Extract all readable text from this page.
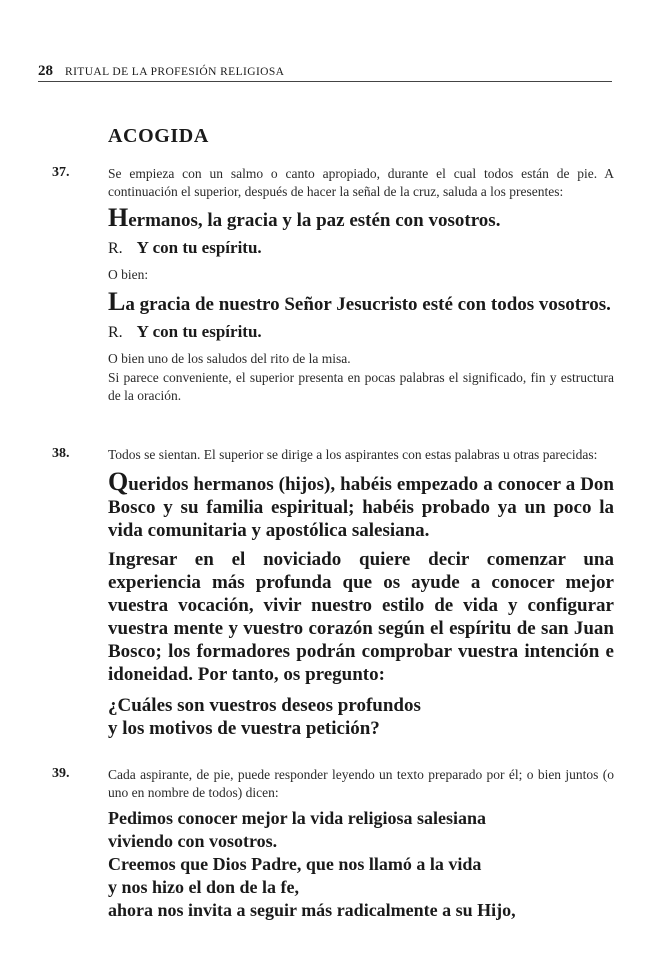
28 RITUAL DE LA PROFESIÓN RELIGIOSA
ACOGIDA
37.	Se empieza con un salmo o canto apropiado, durante el cual todos están de pie. A continuación el superior, después de hacer la señal de la cruz, saluda a los presentes:

Hermanos, la gracia y la paz estén con vosotros.
R. Y con tu espíritu.

O bien:

La gracia de nuestro Señor Jesucristo esté con todos vosotros.
R. Y con tu espíritu.

O bien uno de los saludos del rito de la misa.

Si parece conveniente, el superior presenta en pocas palabras el significado, fin y estructura de la oración.

38.	Todos se sientan. El superior se dirige a los aspirantes con estas palabras u otras parecidas:

Queridos hermanos (hijos), habéis empezado a conocer a Don Bosco y su familia espiritual; habéis probado ya un poco la vida comunitaria y apostólica salesiana.
Ingresar en el noviciado quiere decir comenzar una experiencia más profunda que os ayude a conocer mejor vuestra vocación, vivir nuestro estilo de vida y configurar vuestra mente y vuestro corazón según el espíritu de san Juan Bosco; los formadores podrán comprobar vuestra intención e idoneidad. Por tanto, os pregunto:
¿Cuáles son vuestros deseos profundos
y los motivos de vuestra petición?
39.	Cada aspirante, de pie, puede responder leyendo un texto preparado por él; o bien juntos (o uno en nombre de todos) dicen:

Pedimos conocer mejor la vida religiosa salesiana
viviendo con vosotros.
Creemos que Dios Padre, que nos llamó a la vida
y nos hizo el don de la fe,
ahora nos invita a seguir más radicalmente a su Hijo,
